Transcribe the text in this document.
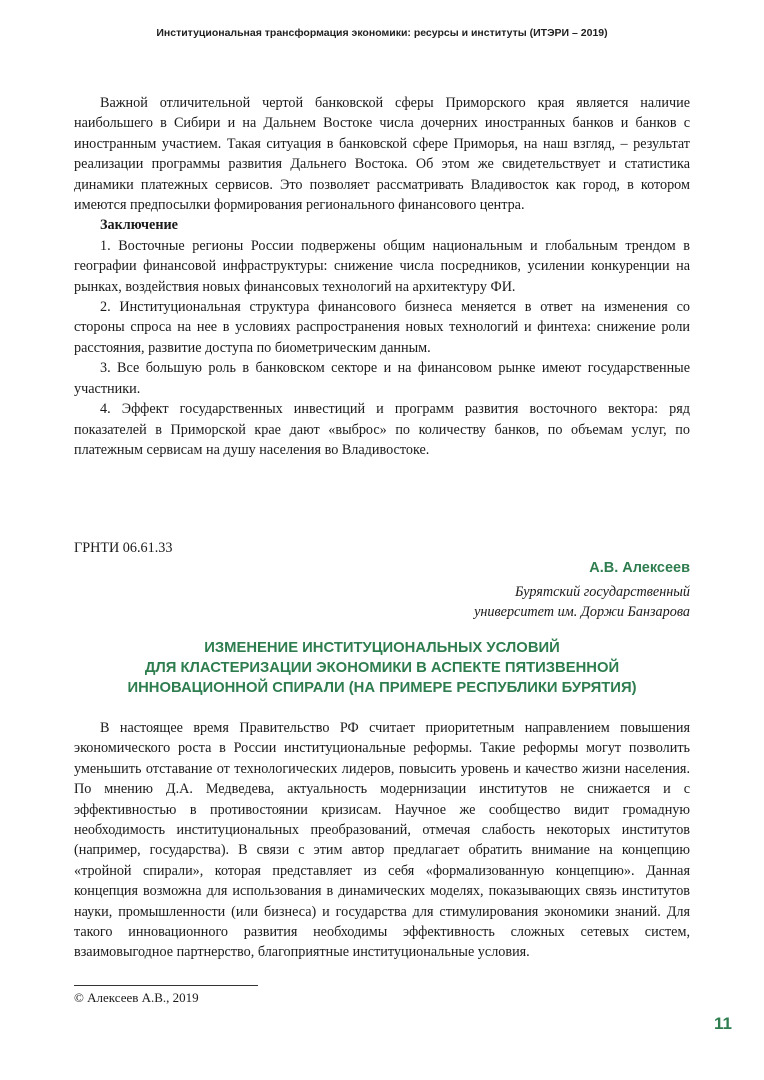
Институциональная трансформация экономики: ресурсы и институты (ИТЭРИ – 2019)

Важной отличительной чертой банковской сферы Приморского края является наличие наибольшего в Сибири и на Дальнем Востоке числа дочерних иностранных банков и банков с иностранным участием. Такая ситуация в банковской сфере Приморья, на наш взгляд, – результат реализации программы развития Дальнего Востока. Об этом же свидетельствует и статистика динамики платежных сервисов. Это позволяет рассматривать Владивосток как город, в котором имеются предпосылки формирования регионального финансового центра.

Заключение

1. Восточные регионы России подвержены общим национальным и глобальным трендом в географии финансовой инфраструктуры: снижение числа посредников, усилении конкуренции на рынках, воздействия новых финансовых технологий на архитектуру ФИ.

2. Институциональная структура финансового бизнеса меняется в ответ на изменения со стороны спроса на нее в условиях распространения новых технологий и финтеха: снижение роли расстояния, развитие доступа по биометрическим данным.

3. Все большую роль в банковском секторе и на финансовом рынке имеют государственные участники.

4. Эффект государственных инвестиций и программ развития восточного вектора: ряд показателей в Приморской крае дают «выброс» по количеству банков, по объемам услуг, по платежным сервисам на душу населения во Владивостоке.

ГРНТИ 06.61.33
А.В. Алексеев
Бурятский государственный
университет им. Доржи Банзарова
ИЗМЕНЕНИЕ ИНСТИТУЦИОНАЛЬНЫХ УСЛОВИЙ
ДЛЯ КЛАСТЕРИЗАЦИИ ЭКОНОМИКИ В АСПЕКТЕ ПЯТИЗВЕННОЙ
ИННОВАЦИОННОЙ СПИРАЛИ (НА ПРИМЕРЕ РЕСПУБЛИКИ БУРЯТИЯ)

В настоящее время Правительство РФ считает приоритетным направлением повышения экономического роста в России институциональные реформы. Такие реформы могут позволить уменьшить отставание от технологических лидеров, повысить уровень и качество жизни населения. По мнению Д.А. Медведева, актуальность модернизации институтов не снижается и с эффективностью в противостоянии кризисам. Научное же сообщество видит громадную необходимость институциональных преобразований, отмечая слабость некоторых институтов (например, государства). В связи с этим автор предлагает обратить внимание на концепцию «тройной спирали», которая представляет из себя «формализованную концепцию». Данная концепция возможна для использования в динамических моделях, показывающих связь институтов науки, промышленности (или бизнеса) и государства для стимулирования экономики знаний. Для такого инновационного развития необходимы эффективность сложных сетевых систем, взаимовыгодное партнерство, благоприятные институциональные условия.

© Алексеев А.В., 2019
11
